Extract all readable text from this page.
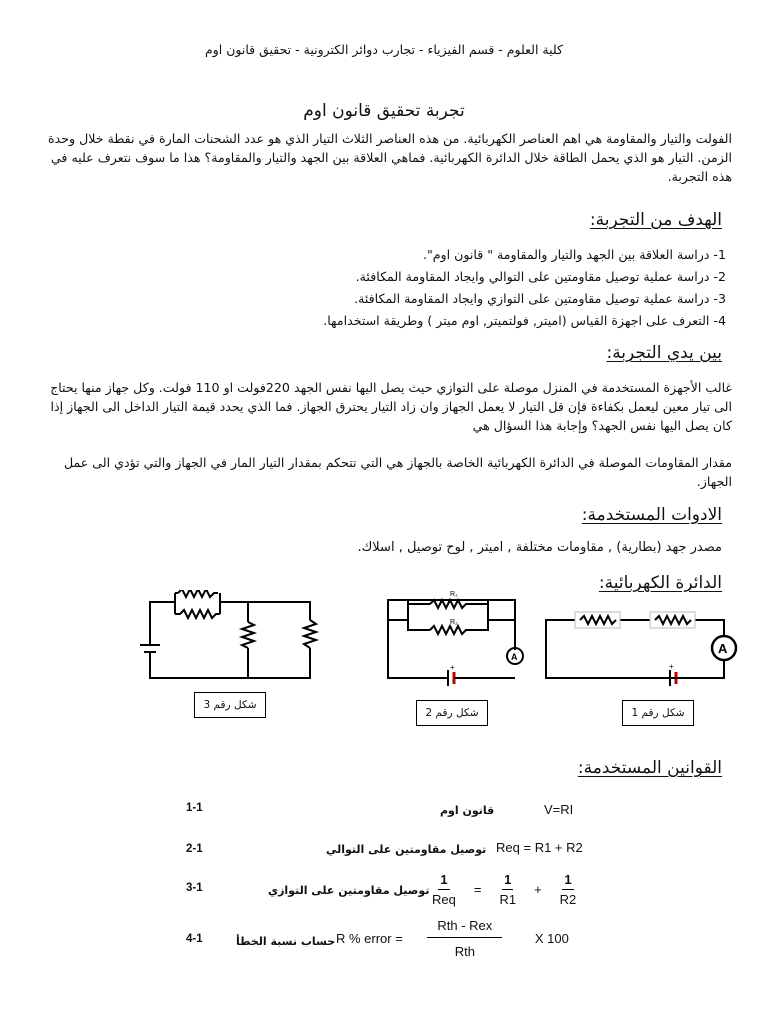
كلية العلوم - قسم الفيزياء - تجارب دوائر الكترونية - تحقيق قانون اوم
تجربة تحقيق قانون اوم
الفولت والتيار والمقاومة هي اهم العناصر الكهربائية. من هذه العناصر الثلاث التيار الذي هو عدد الشحنات المارة في نقطة خلال وحدة الزمن. التيار هو الذي يحمل الطاقة خلال الدائرة الكهربائية. فماهي العلاقة بين الجهد والتيار والمقاومة؟ هذا ما سوف نتعرف عليه في هذه التجربة.
الهدف من التجربة:
1- دراسة العلاقة بين الجهد والتيار والمقاومة " قانون اوم".
2- دراسة عملية توصيل مقاومتين على التوالي وايجاد المقاومة المكافئة.
3- دراسة عملية توصيل مقاومتين على التوازي وايجاد المقاومة المكافئة.
4- التعرف على اجهزة القياس (اميتر, فولتميتر, اوم ميتر ) وطريقة استخدامها.
بين يدي التجربة:
غالب الأجهزة المستخدمة في المنزل موصلة على التوازي حيث يصل اليها نفس الجهد 220فولت او 110 فولت. وكل جهاز منها يحتاج الى تيار معين ليعمل بكفاءة فإن قل التيار لا يعمل الجهاز وان زاد التيار يحترق الجهاز. فما الذي يحدد قيمة التيار الداخل الى الجهاز إذا كان يصل اليها نفس الجهد؟ وإجابة هذا السؤال هي
مقدار المقاومات الموصلة في الدائرة الكهربائية الخاصة بالجهاز هي التي تتحكم بمقدار التيار المار في الجهاز والتي تؤدي الى عمل الجهاز.
الادوات المستخدمة:
مصدر جهد (بطارية) , مقاومات مختلفة , اميتر , لوح توصيل , اسلاك.
الدائرة الكهربائية:
R₁
R₂
A
A
+	+
شكل رقم 3
شكل رقم 2	شكل رقم 1
القوانين المستخدمة:
1-1	قانون اوم	V=RI
2-1	توصيل مقاومتين على التوالي Req = R1 + R2
3-1	توصيل مقاومتين على التوازي $\frac{1}{\text{Req}} = \frac{1}{R1} + \frac{1}{R2}$
4-1	حساب نسبة الخطأ R % error = $\frac{\text{Rth - Rex}}{\text{Rth}}$ X 100
